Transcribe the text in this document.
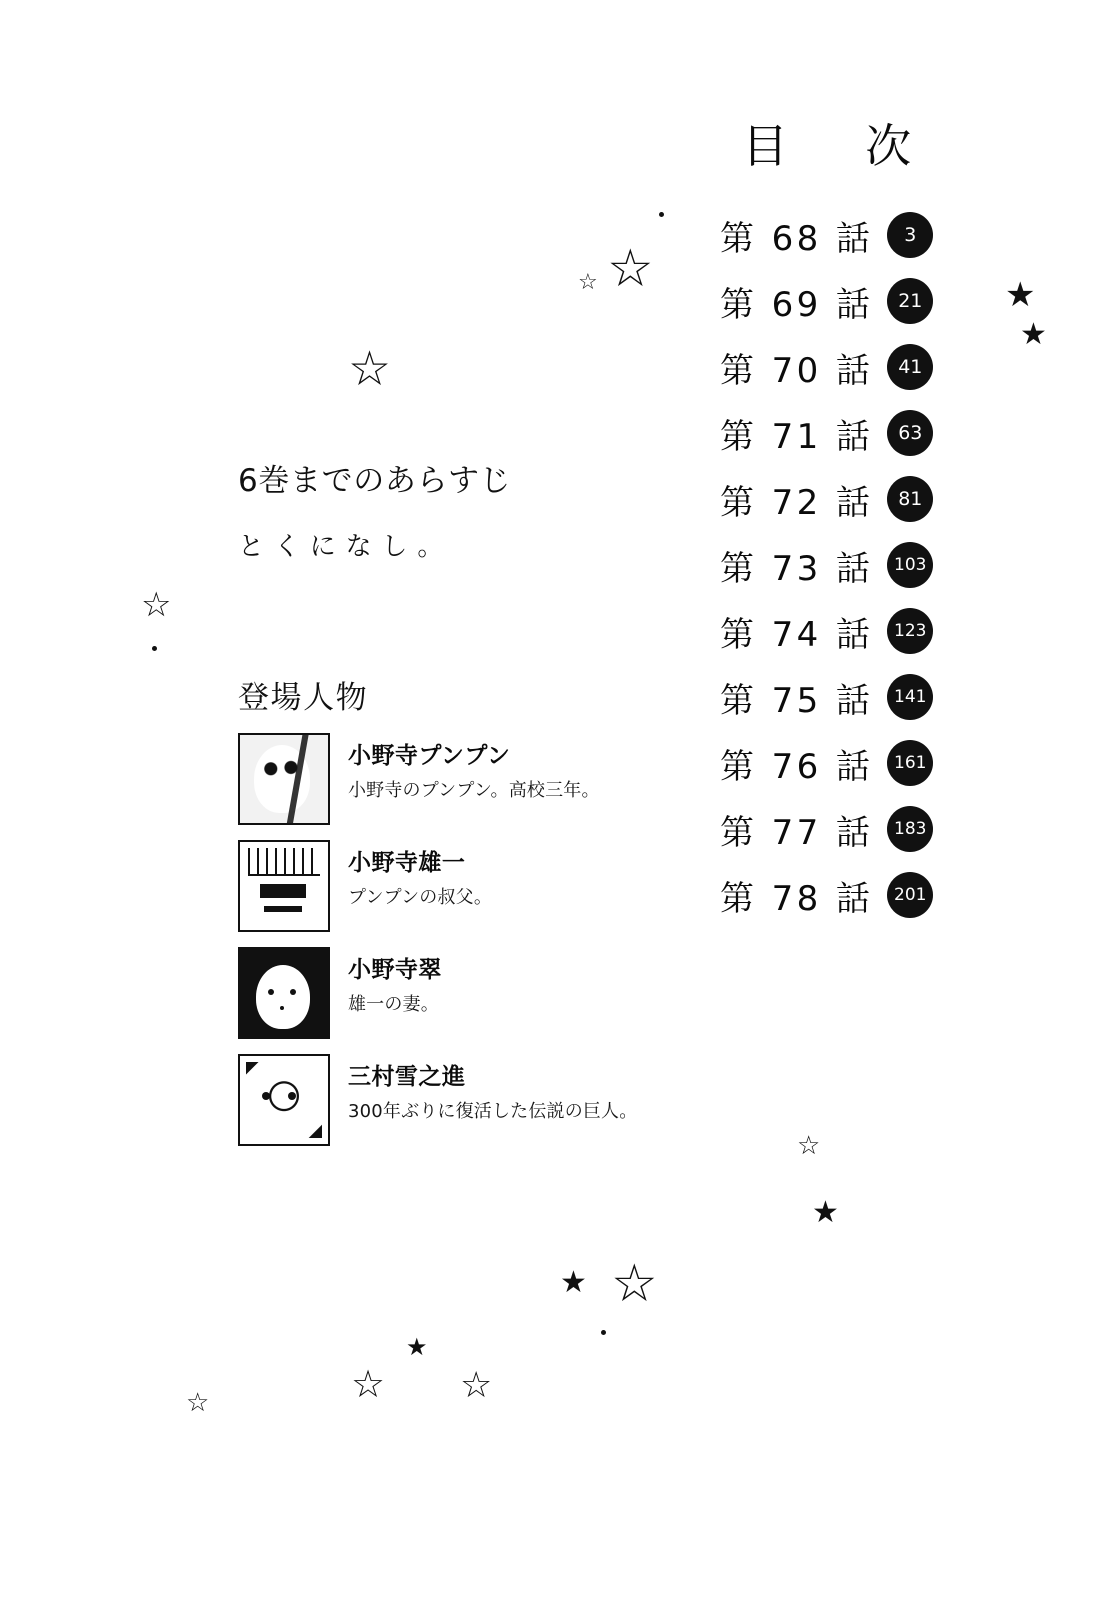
☆
☆
☆
☆
★
★
☆
★
☆
★
★
☆ ☆
☆
目　次
第 68 話	3
第 69 話	21
第 70 話	41
第 71 話	63
第 72 話	81
第 73 話	103
第 74 話	123
第 75 話	141
第 76 話	161
第 77 話	183
第 78 話	201
6巻までのあらすじ

とくになし。

登場人物

小野寺プンプン

小野寺のプンプン。高校三年。

小野寺雄一

プンプンの叔父。

小野寺翠

雄一の妻。

三村雪之進

300年ぶりに復活した伝説の巨人。
